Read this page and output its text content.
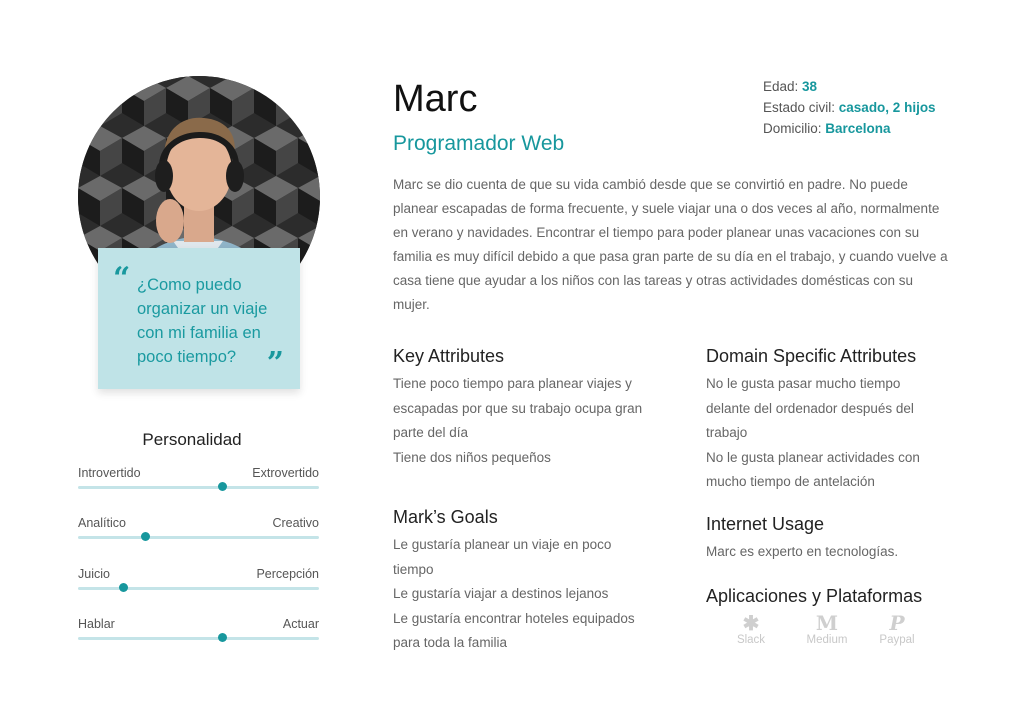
“ ¿Como puedo organizar un viaje con mi familia en poco tiempo?	”
Personalidad
Introvertido	Extrovertido
Analítico	Creativo
Juicio	Percepción
Hablar	Actuar
Marc
Programador Web
Edad: 38
Estado civil: casado, 2 hijos
Domicilio: Barcelona
Marc se dio cuenta de que su vida cambió desde que se convirtió en padre. No puede planear escapadas de forma frecuente, y suele viajar una o dos veces al año, normalmente en verano y navidades. Encontrar el tiempo para poder planear unas vacaciones con su familia es muy difícil debido a que pasa gran parte de su día en el trabajo, y cuando vuelve a casa tiene que ayudar a los niños con las tareas y otras actividades domésticas con su mujer.
Key Attributes
Tiene poco tiempo para planear viajes y escapadas por que su trabajo ocupa gran parte del día
Tiene dos niños pequeños
Mark’s Goals
Le gustaría planear un viaje en poco tiempo
Le gustaría viajar a destinos lejanos
Le gustaría encontrar hoteles equipados para toda la familia
Domain Specific Attributes
No le gusta pasar mucho tiempo delante del ordenador después del trabajo
No le gusta planear actividades con mucho tiempo de antelación
Internet Usage
Marc es experto en tecnologías.
Aplicaciones y Plataformas
✱
Slack
M
Medium
P
Paypal
